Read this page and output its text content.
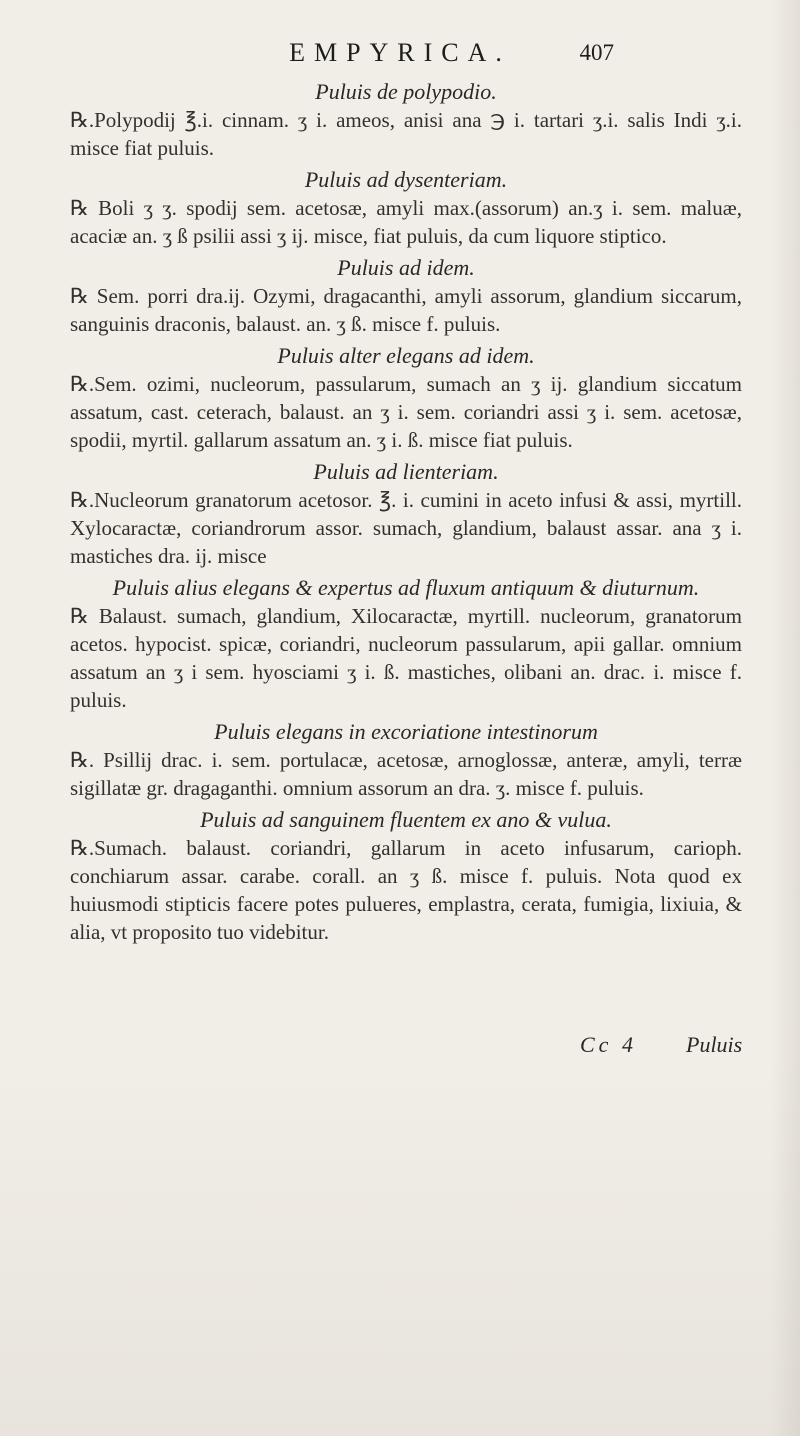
EMPYRICA.	407

Puluis de polypodio.

℞.Polypodij ℥.i. cinnam. ʒ i. ameos, anisi ana ℈ i. tartari ʒ.i. salis Indi ʒ.i. misce fiat puluis.

Puluis ad dysenteriam.

℞ Boli ʒ ʒ. spodij sem. acetosæ, amyli max.(assorum) an.ʒ i. sem. maluæ, acaciæ an. ʒ ß psilii assi ʒ ij. misce, fiat puluis, da cum liquore stiptico.

Puluis ad idem.

℞ Sem. porri dra.ij. Ozymi, dragacanthi, amyli assorum, glandium siccarum, sanguinis draconis, balaust. an. ʒ ß. misce f. puluis.

Puluis alter elegans ad idem.

℞.Sem. ozimi, nucleorum, passularum, sumach an ʒ ij. glandium siccatum assatum, cast. ceterach, balaust. an ʒ i. sem. coriandri assi ʒ i. sem. acetosæ, spodii, myrtil. gallarum assatum an. ʒ i. ß. misce fiat puluis.

Puluis ad lienteriam.

℞.Nucleorum granatorum acetosor. ℥. i. cumini in aceto infusi & assi, myrtill. Xylocaractæ, coriandrorum assor. sumach, glandium, balaust assar. ana ʒ i. mastiches dra. ij. misce

Puluis alius elegans & expertus ad fluxum antiquum & diuturnum.

℞ Balaust. sumach, glandium, Xilocaractæ, myrtill. nucleorum, granatorum acetos. hypocist. spicæ, coriandri, nucleorum passularum, apii gallar. omnium assatum an ʒ i sem. hyosciami ʒ i. ß. mastiches, olibani an. drac. i. misce f. puluis.

Puluis elegans in excoriatione intestinorum

℞. Psillij drac. i. sem. portulacæ, acetosæ, arnoglossæ, anteræ, amyli, terræ sigillatæ gr. dragaganthi. omnium assorum an dra. ʒ. misce f. puluis.

Puluis ad sanguinem fluentem ex ano & vulua.

℞.Sumach. balaust. coriandri, gallarum in aceto infusarum, carioph. conchiarum assar. carabe. corall. an ʒ ß. misce f. puluis. Nota quod ex huiusmodi stipticis facere potes pulueres, emplastra, cerata, fumigia, lixiuia, & alia, vt proposito tuo videbitur.

Cc 4 Puluis
